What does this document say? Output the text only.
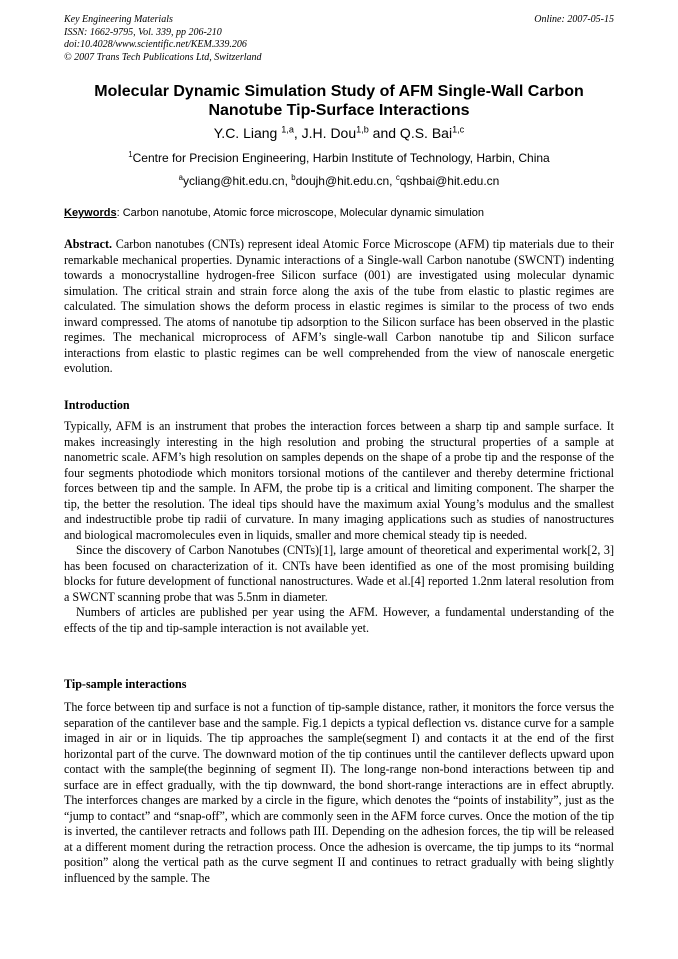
Key Engineering Materials
ISSN: 1662-9795, Vol. 339, pp 206-210
doi:10.4028/www.scientific.net/KEM.339.206
© 2007 Trans Tech Publications Ltd, Switzerland
Online: 2007-05-15
Molecular Dynamic Simulation Study of AFM Single-Wall Carbon Nanotube Tip-Surface Interactions
Y.C. Liang $^{1,a}$, J.H. Dou$^{1,b}$ and Q.S. Bai$^{1,c}$
$^1$Centre for Precision Engineering, Harbin Institute of Technology, Harbin, China
$^a$ycliang@hit.edu.cn, $^b$doujh@hit.edu.cn, $^c$qshbai@hit.edu.cn
Keywords: Carbon nanotube, Atomic force microscope, Molecular dynamic simulation

Abstract. Carbon nanotubes (CNTs) represent ideal Atomic Force Microscope (AFM) tip materials due to their remarkable mechanical properties. Dynamic interactions of a Single-wall Carbon nanotube (SWCNT) indenting towards a monocrystalline hydrogen-free Silicon surface (001) are investigated using molecular dynamic simulation. The critical strain and strain force along the axis of the tube from elastic to plastic regimes are calculated. The simulation shows the deform process in elastic regimes is similar to the process of two ends inward compressed. The atoms of nanotube tip adsorption to the Silicon surface has been observed in the plastic regimes. The mechanical microprocess of AFM’s single-wall Carbon nanotube tip and Silicon surface interactions from elastic to plastic regimes can be well comprehended from the view of nanoscale energetic evolution.

Introduction

Typically, AFM is an instrument that probes the interaction forces between a sharp tip and sample surface. It makes increasingly interesting in the high resolution and probing the structural properties of a sample at nanometric scale. AFM’s high resolution on samples depends on the shape of a probe tip and the response of the four segments photodiode which monitors torsional motions of the cantilever and thereby determine frictional forces between tip and the sample. In AFM, the probe tip is a critical and limiting component. The sharper the tip, the better the resolution. The ideal tips should have the maximum axial Young’s modulus and the smallest and indestructible probe tip radii of curvature. In many imaging applications such as studies of nanostructures and biological macromolecules even in liquids, smaller and more chemical steady tip is needed.

Since the discovery of Carbon Nanotubes (CNTs)[1], large amount of theoretical and experimental work[2, 3] has been focused on characterization of it. CNTs have been identified as one of the most promising building blocks for future development of functional nanostructures. Wade et al.[4] reported 1.2nm lateral resolution from a SWCNT scanning probe that was 5.5nm in diameter.

Numbers of articles are published per year using the AFM. However, a fundamental understanding of the effects of the tip and tip-sample interaction is not available yet.

Tip-sample interactions

The force between tip and surface is not a function of tip-sample distance, rather, it monitors the force versus the separation of the cantilever base and the sample. Fig.1 depicts a typical deflection vs. distance curve for a sample imaged in air or in liquids. The tip approaches the sample(segment I) and contacts it at the end of the first horizontal part of the curve. The downward motion of the tip continues until the cantilever deflects upward upon contact with the sample(the beginning of segment II). The long-range non-bond interactions between tip and surface are in effect gradually, with the tip downward, the bond short-range interactions are in effect abruptly. The interforces changes are marked by a circle in the figure, which denotes the “points of instability”, just as the “jump to contact” and “snap-off”, which are commonly seen in the AFM force curves. Once the motion of the tip is inverted, the cantilever retracts and follows path III. Depending on the adhesion forces, the tip will be released at a different moment during the retraction process. Once the adhesion is overcame, the tip jumps to its “normal position” along the vertical path as the curve segment II and continues to retract gradually with being slightly influenced by the sample. The
